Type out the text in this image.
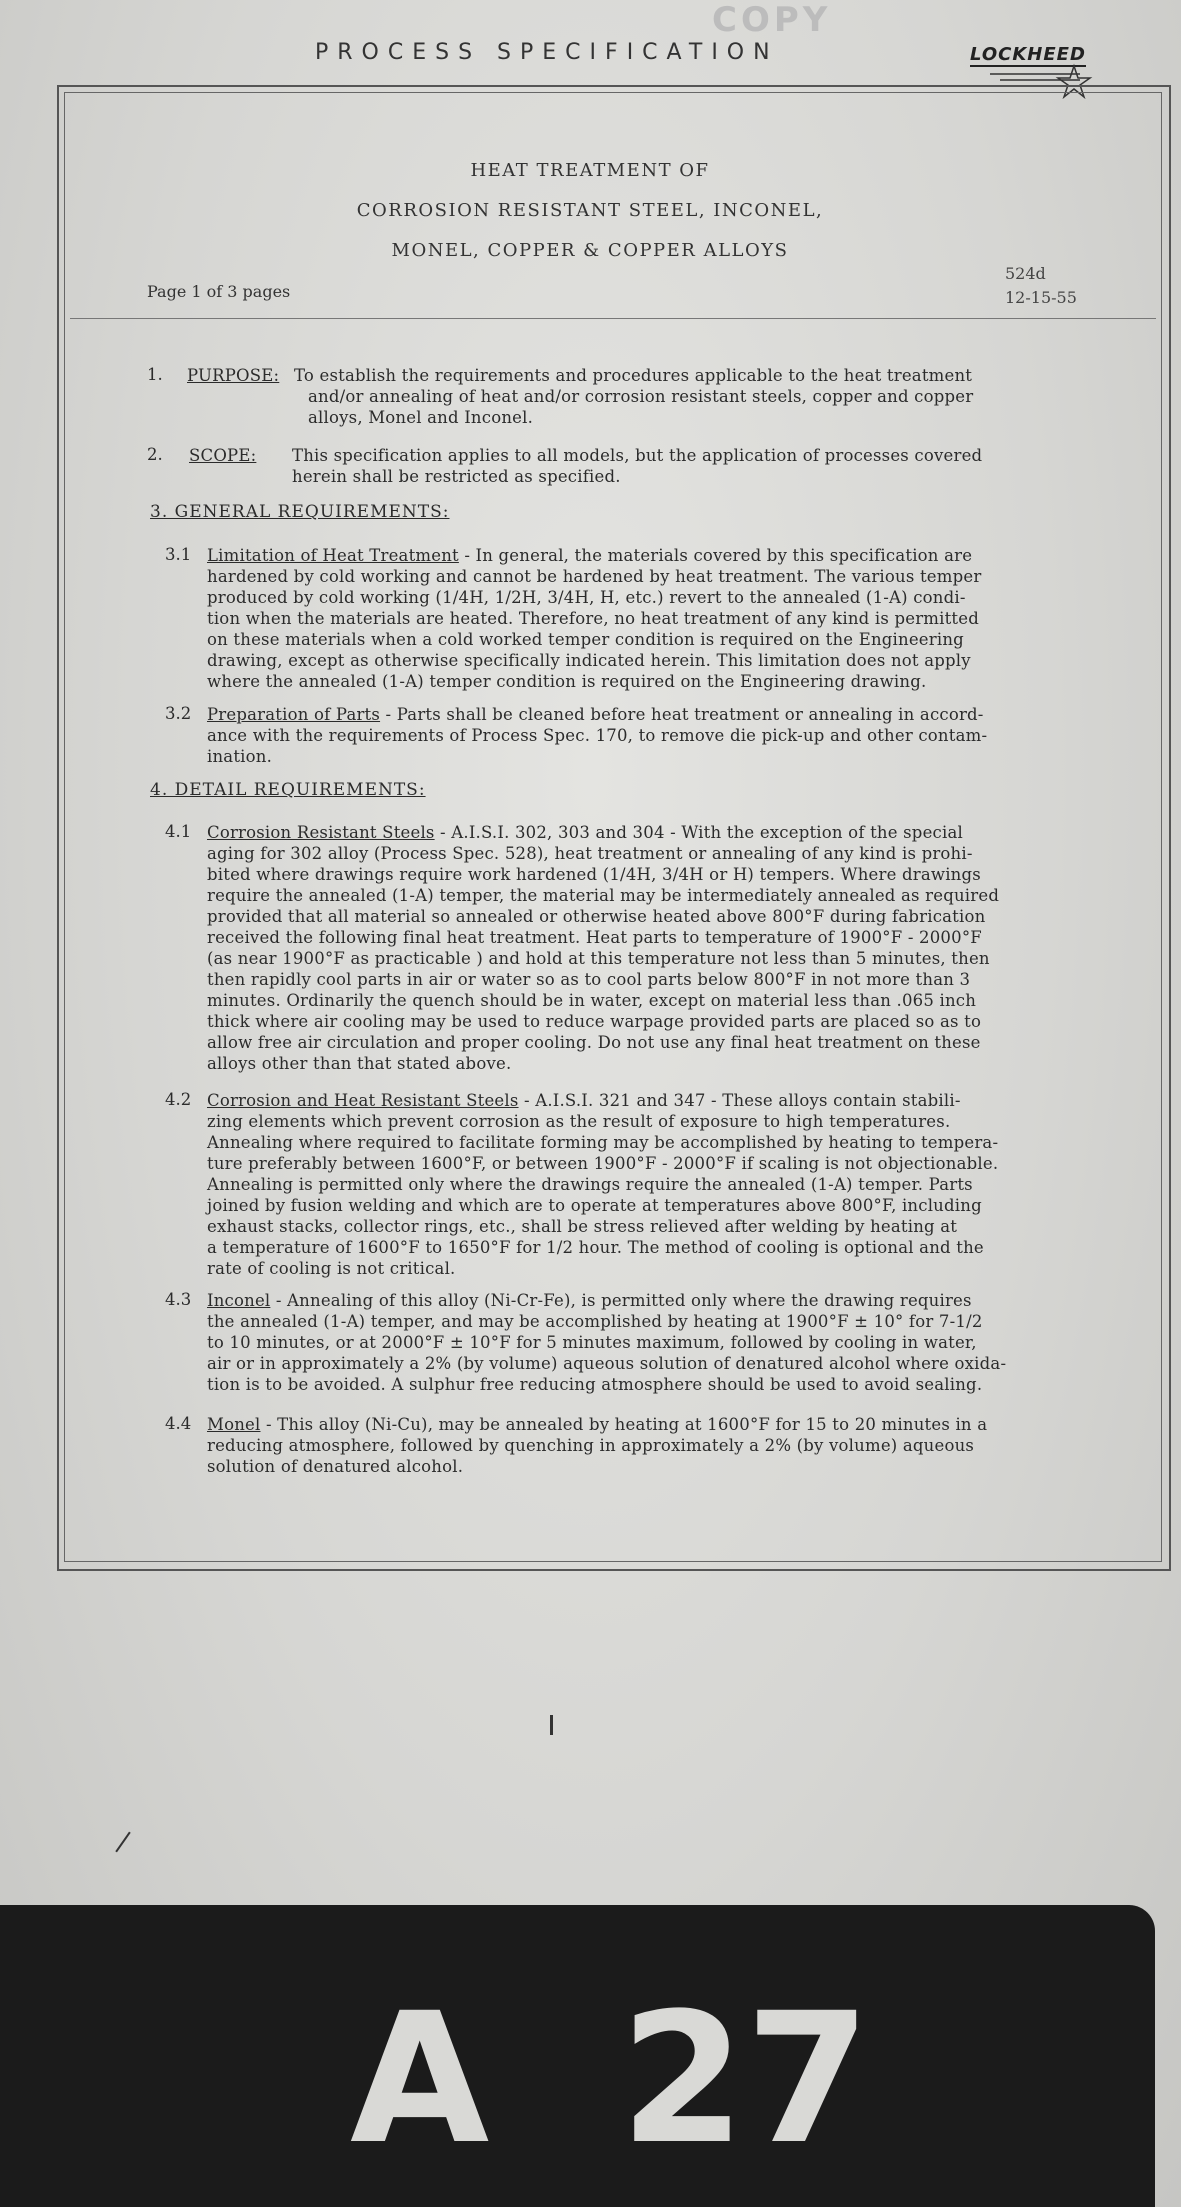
COPY
PROCESS SPECIFICATION	LOCKHEED
HEAT TREATMENT OF
CORROSION RESISTANT STEEL, INCONEL,
MONEL, COPPER & COPPER ALLOYS
Page 1 of 3 pages
524d
12-15-55
1. PURPOSE: To establish the requirements and procedures applicable to the heat treatment
and/or annealing of heat and/or corrosion resistant steels, copper and copper
alloys, Monel and Inconel.
2. SCOPE: This specification applies to all models, but the application of processes covered
herein shall be restricted as specified.
3. GENERAL REQUIREMENTS:
3.1 Limitation of Heat Treatment - In general, the materials covered by this specification are

hardened by cold working and cannot be hardened by heat treatment. The various temper

produced by cold working (1/4H, 1/2H, 3/4H, H, etc.) revert to the annealed (1-A) condi-

tion when the materials are heated. Therefore, no heat treatment of any kind is permitted

on these materials when a cold worked temper condition is required on the Engineering

drawing, except as otherwise specifically indicated herein. This limitation does not apply

where the annealed (1-A) temper condition is required on the Engineering drawing.

3.2 Preparation of Parts - Parts shall be cleaned before heat treatment or annealing in accord-

ance with the requirements of Process Spec. 170, to remove die pick-up and other contam-

ination.

4. DETAIL REQUIREMENTS:
4.1 Corrosion Resistant Steels - A.I.S.I. 302, 303 and 304 - With the exception of the special

aging for 302 alloy (Process Spec. 528), heat treatment or annealing of any kind is prohi-

bited where drawings require work hardened (1/4H, 3/4H or H) tempers. Where drawings

require the annealed (1-A) temper, the material may be intermediately annealed as required

provided that all material so annealed or otherwise heated above 800°F during fabrication

received the following final heat treatment. Heat parts to temperature of 1900°F - 2000°F

(as near 1900°F as practicable ) and hold at this temperature not less than 5 minutes, then

then rapidly cool parts in air or water so as to cool parts below 800°F in not more than 3

minutes. Ordinarily the quench should be in water, except on material less than .065 inch

thick where air cooling may be used to reduce warpage provided parts are placed so as to

allow free air circulation and proper cooling. Do not use any final heat treatment on these

alloys other than that stated above.

4.2 Corrosion and Heat Resistant Steels - A.I.S.I. 321 and 347 - These alloys contain stabili-

zing elements which prevent corrosion as the result of exposure to high temperatures.

Annealing where required to facilitate forming may be accomplished by heating to tempera-

ture preferably between 1600°F, or between 1900°F - 2000°F if scaling is not objectionable.

Annealing is permitted only where the drawings require the annealed (1-A) temper. Parts

joined by fusion welding and which are to operate at temperatures above 800°F, including

exhaust stacks, collector rings, etc., shall be stress relieved after welding by heating at

a temperature of 1600°F to 1650°F for 1/2 hour. The method of cooling is optional and the

rate of cooling is not critical.

4.3 Inconel - Annealing of this alloy (Ni-Cr-Fe), is permitted only where the drawing requires

the annealed (1-A) temper, and may be accomplished by heating at 1900°F ± 10° for 7-1/2

to 10 minutes, or at 2000°F ± 10°F for 5 minutes maximum, followed by cooling in water,

air or in approximately a 2% (by volume) aqueous solution of denatured alcohol where oxida-

tion is to be avoided. A sulphur free reducing atmosphere should be used to avoid sealing.

4.4 Monel - This alloy (Ni-Cu), may be annealed by heating at 1600°F for 15 to 20 minutes in a

reducing atmosphere, followed by quenching in approximately a 2% (by volume) aqueous

solution of denatured alcohol.

A 27
